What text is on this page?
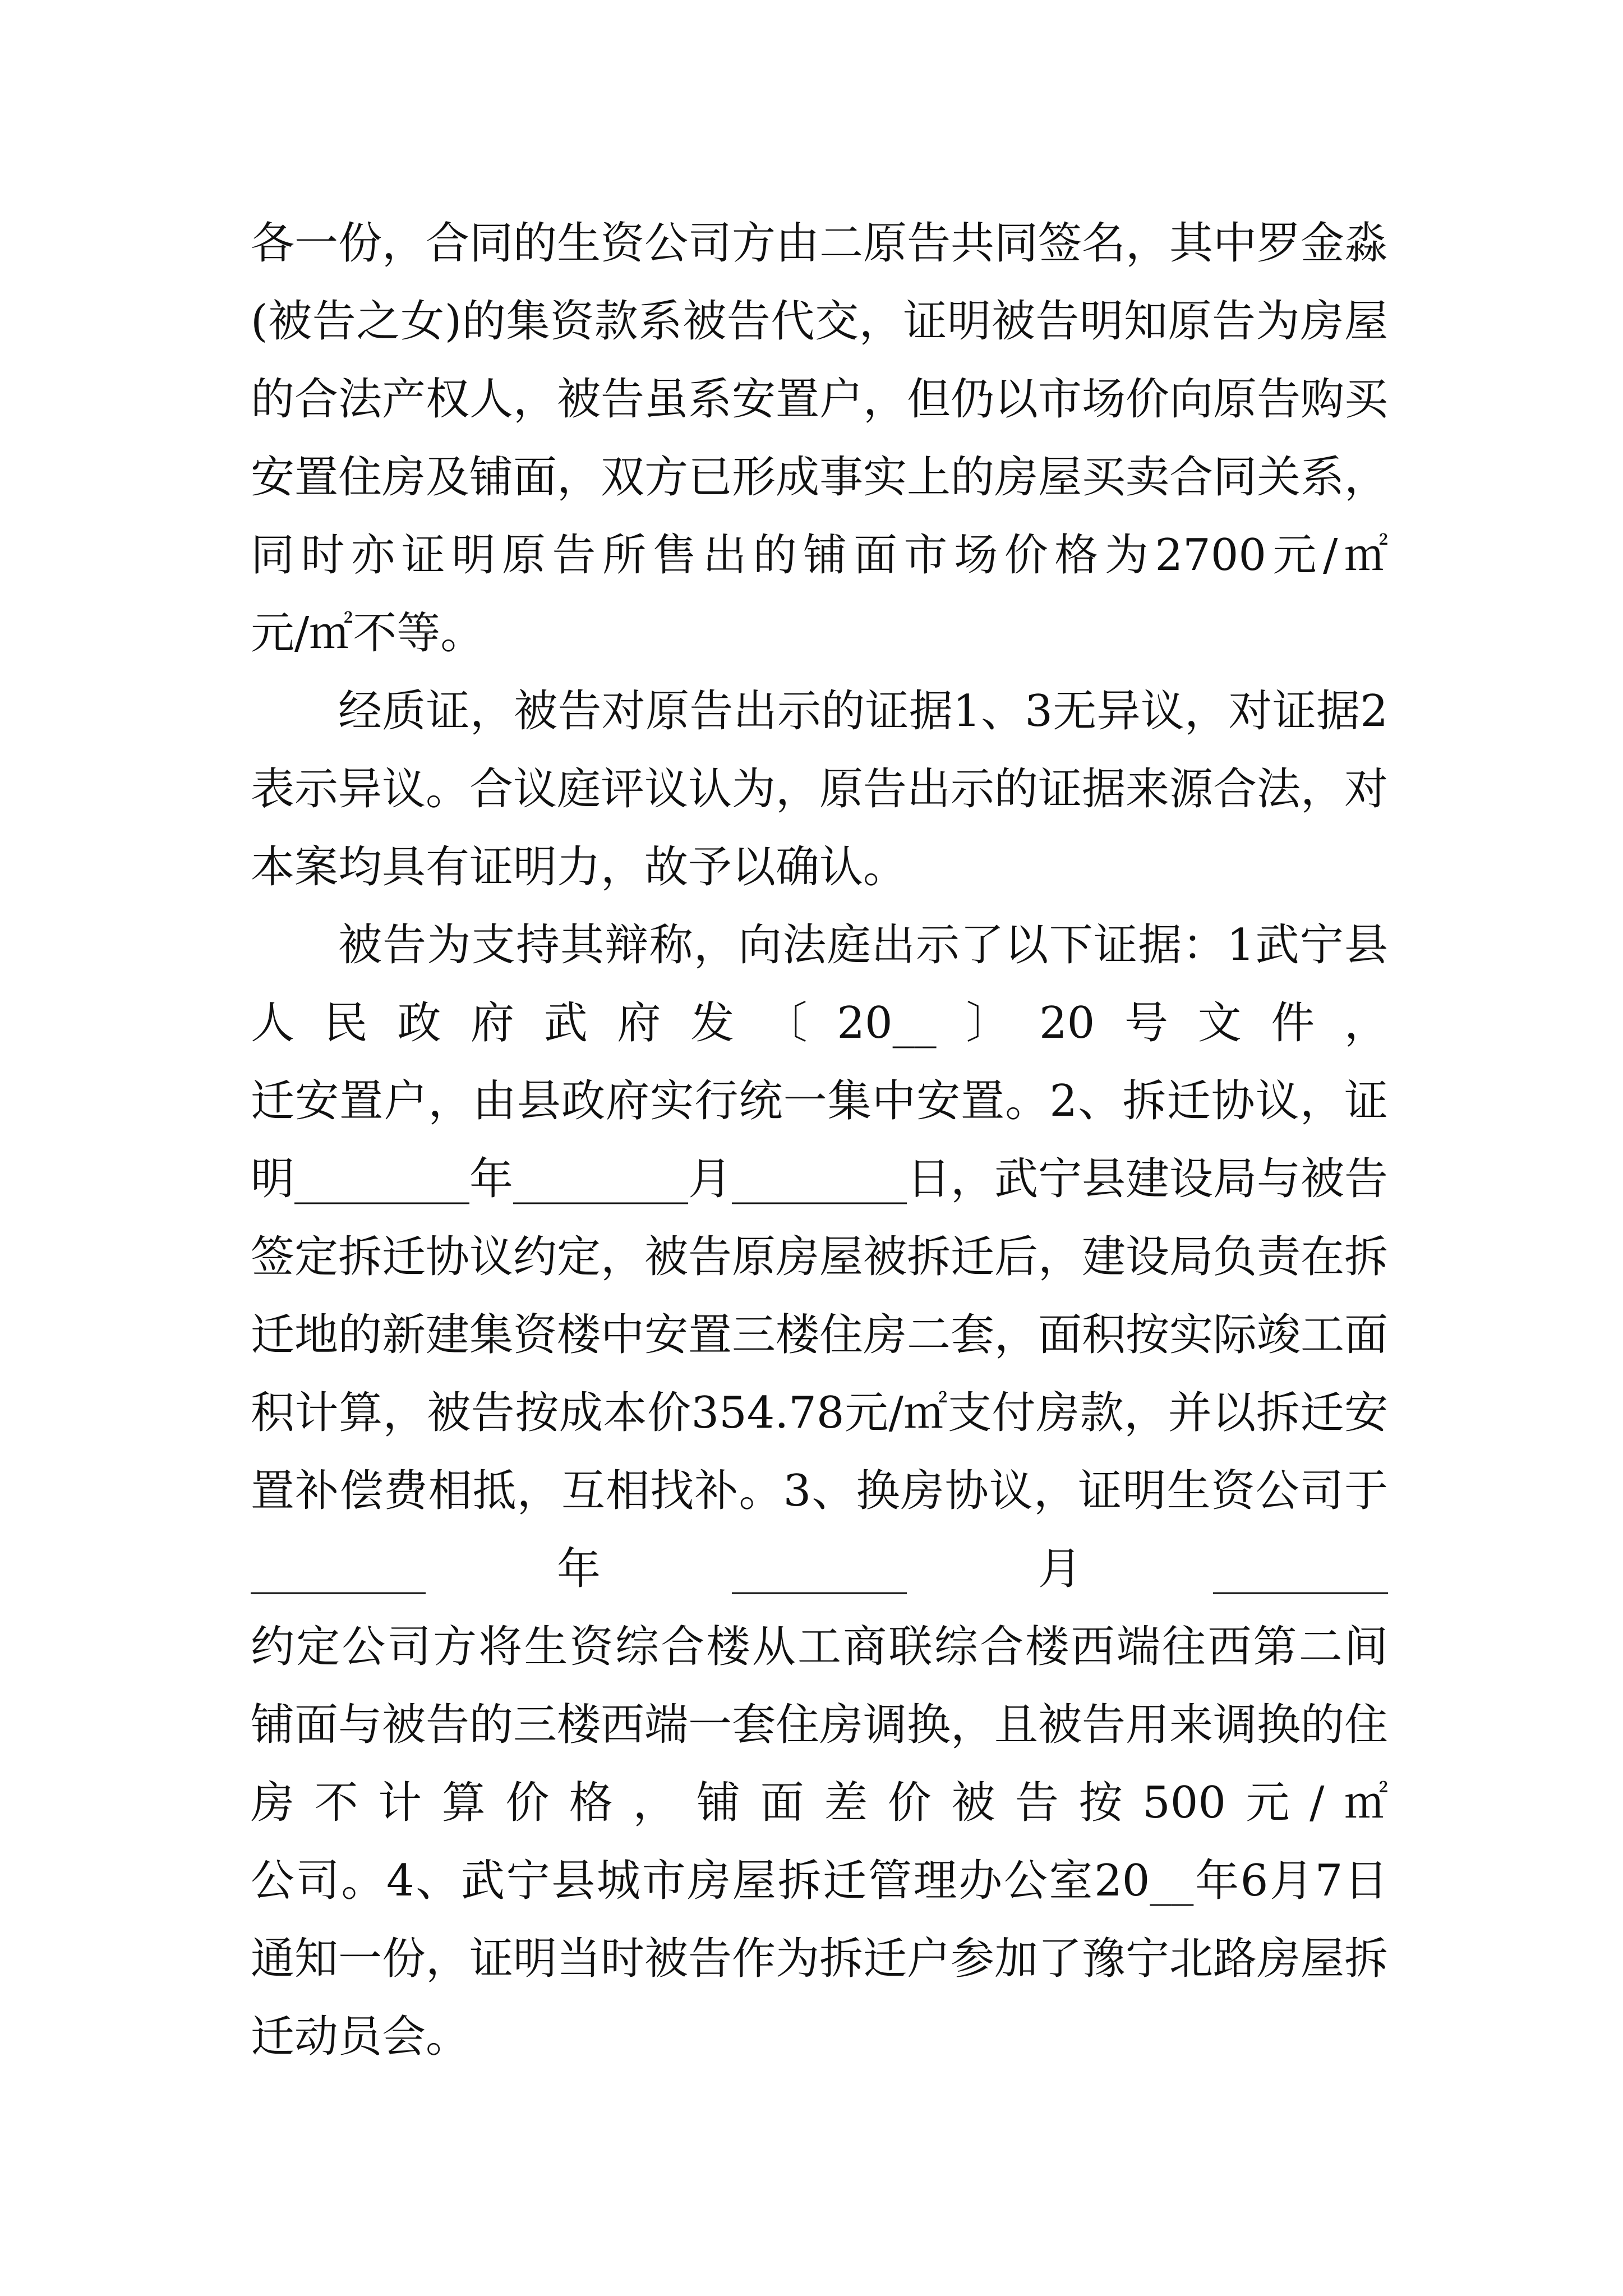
各一份，合同的生资公司方由二原告共同签名，其中罗金淼
(被告之女)的集资款系被告代交，证明被告明知原告为房屋
的合法产权人，被告虽系安置户，但仍以市场价向原告购买
安置住房及铺面，双方已形成事实上的房屋买卖合同关系，
同时亦证明原告所售出的铺面市场价格为2700元/㎡
元/㎡不等。
经质证，被告对原告出示的证据1、3无异议，对证据2
表示异议。合议庭评议认为，原告出示的证据来源合法，对
本案均具有证明力，故予以确认。
被告为支持其辩称，向法庭出示了以下证据：1武宁县
人民政府武府发〔20__〕20号文件，
迁安置户，由县政府实行统一集中安置。2、拆迁协议，证
明________年________月________日，武宁县建设局与被告
签定拆迁协议约定，被告原房屋被拆迁后，建设局负责在拆
迁地的新建集资楼中安置三楼住房二套，面积按实际竣工面
积计算，被告按成本价354.78元/㎡支付房款，并以拆迁安
置补偿费相抵，互相找补。3、换房协议，证明生资公司于
________年________月________
约定公司方将生资综合楼从工商联综合楼西端往西第二间
铺面与被告的三楼西端一套住房调换，且被告用来调换的住
房不计算价格，铺面差价被告按500元/㎡
公司。4、武宁县城市房屋拆迁管理办公室20__年6月7日
通知一份，证明当时被告作为拆迁户参加了豫宁北路房屋拆
迁动员会。
